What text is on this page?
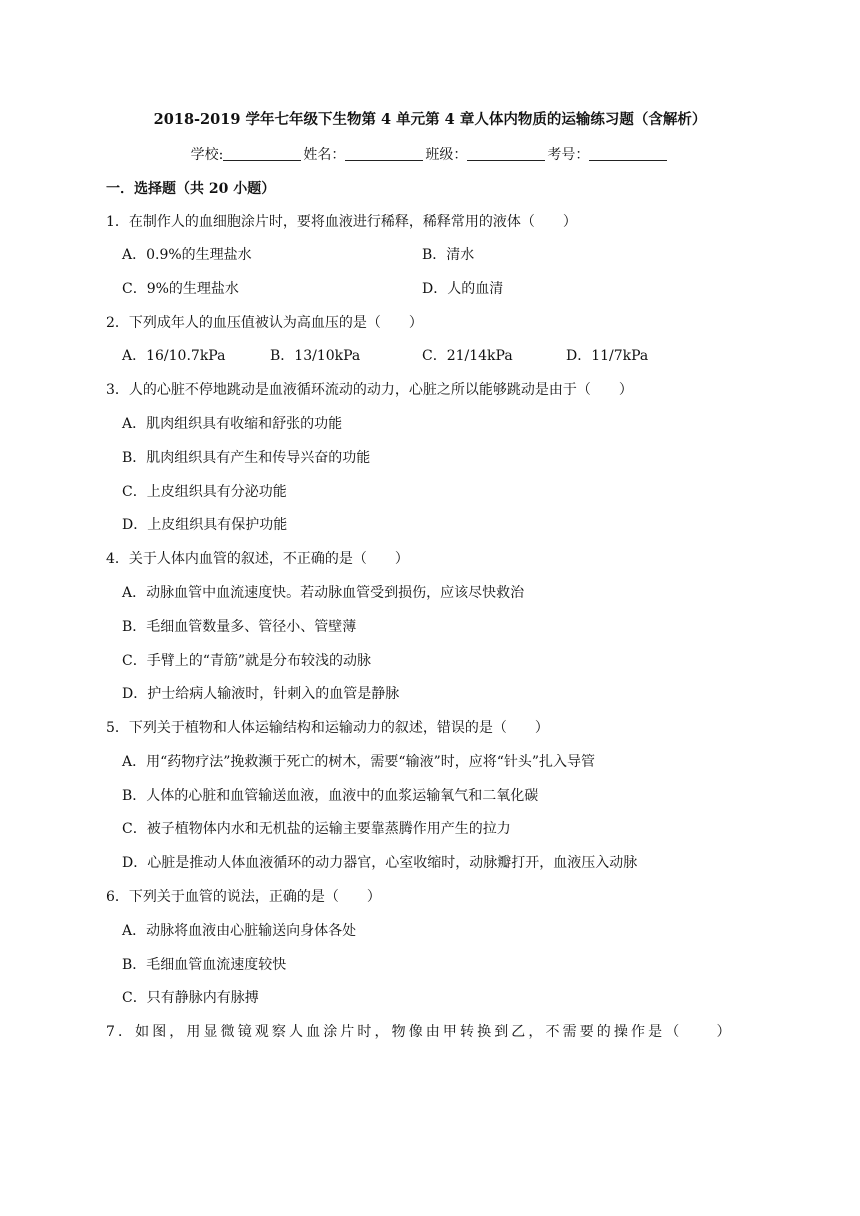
2018-2019 学年七年级下生物第 4 单元第 4 章人体内物质的运输练习题（含解析）
学校:	姓名：	班级：	考号：
一．选择题（共 20 小题）
1．在制作人的血细胞涂片时，要将血液进行稀释，稀释常用的液体（　　）
A．0.9%的生理盐水	B．清水
C．9%的生理盐水	D．人的血清
2．下列成年人的血压值被认为高血压的是（　　）
A．16/10.7kPa	B．13/10kPa	C．21/14kPa	D．11/7kPa
3．人的心脏不停地跳动是血液循环流动的动力，心脏之所以能够跳动是由于（　　）
A．肌肉组织具有收缩和舒张的功能
B．肌肉组织具有产生和传导兴奋的功能
C．上皮组织具有分泌功能
D．上皮组织具有保护功能
4．关于人体内血管的叙述，不正确的是（　　）
A．动脉血管中血流速度快。若动脉血管受到损伤，应该尽快救治
B．毛细血管数量多、管径小、管壁薄
C．手臂上的“青筋”就是分布较浅的动脉
D．护士给病人输液时，针刺入的血管是静脉
5．下列关于植物和人体运输结构和运输动力的叙述，错误的是（　　）
A．用“药物疗法”挽救濒于死亡的树木，需要“输液”时，应将“针头”扎入导管
B．人体的心脏和血管输送血液，血液中的血浆运输氧气和二氧化碳
C．被子植物体内水和无机盐的运输主要靠蒸腾作用产生的拉力
D．心脏是推动人体血液循环的动力器官，心室收缩时，动脉瓣打开，血液压入动脉
6．下列关于血管的说法，正确的是（　　）
A．动脉将血液由心脏输送向身体各处
B．毛细血管血流速度较快
C．只有静脉内有脉搏
7．如图，用显微镜观察人血涂片时，物像由甲转换到乙，不需要的操作是（　　）
